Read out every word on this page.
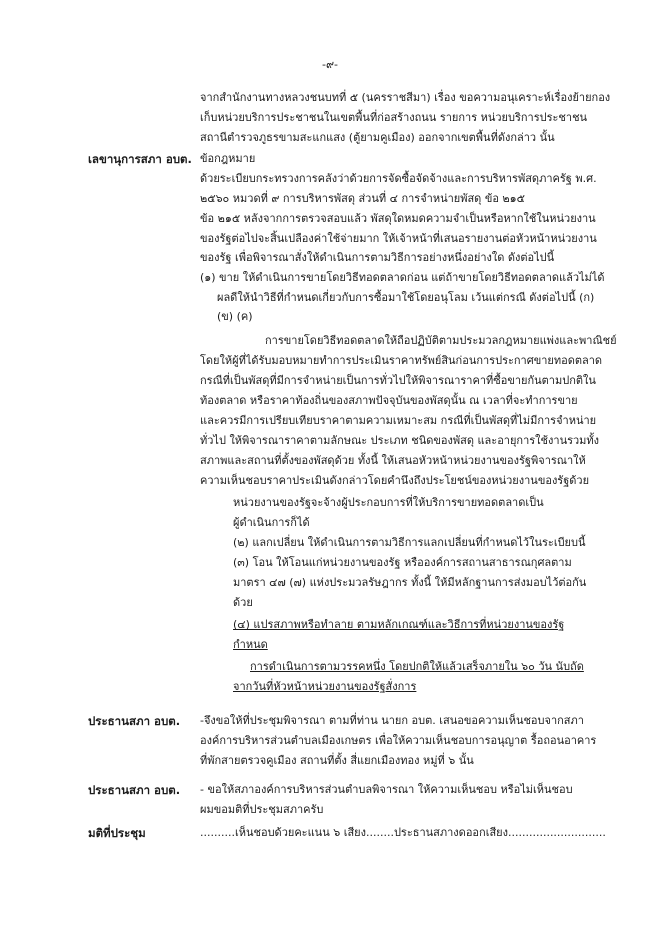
-๙-
จากสำนักงานทางหลวงชนบทที่ ๕ (นครราชสีมา) เรื่อง ขอความอนุเคราะห์เรื่องย้ายกอง
เก็บหน่วยบริการประชาชนในเขตพื้นที่ก่อสร้างถนน รายการ หน่วยบริการประชาชน
สถานีตำรวจภูธรขามสะแกแสง (ตู้ยามคูเมือง) ออกจากเขตพื้นที่ดังกล่าว นั้น
เลขานุการสภา อบต. ข้อกฎหมาย
ด้วยระเบียบกระทรวงการคลังว่าด้วยการจัดซื้อจัดจ้างและการบริหารพัสดุภาครัฐ พ.ศ.
๒๕๖๐ หมวดที่ ๙ การบริหารพัสดุ ส่วนที่ ๔ การจำหน่ายพัสดุ ข้อ ๒๑๕
ข้อ ๒๑๕ หลังจากการตรวจสอบแล้ว พัสดุใดหมดความจำเป็นหรือหากใช้ในหน่วยงาน
ของรัฐต่อไปจะสิ้นเปลืองค่าใช้จ่ายมาก ให้เจ้าหน้าที่เสนอรายงานต่อหัวหน้าหน่วยงาน
ของรัฐ เพื่อพิจารณาสั่งให้ดำเนินการตามวิธีการอย่างหนึ่งอย่างใด ดังต่อไปนี้
(๑) ขาย ให้ดำเนินการขายโดยวิธีทอดตลาดก่อน แต่ถ้าขายโดยวิธีทอดตลาดแล้วไม่ได้
ผลดีให้นำวิธีที่กำหนดเกี่ยวกับการซื้อมาใช้โดยอนุโลม เว้นแต่กรณี ดังต่อไปนี้ (ก)
(ข) (ค)
การขายโดยวิธีทอดตลาดให้ถือปฏิบัติตามประมวลกฎหมายแพ่งและพาณิชย์
โดยให้ผู้ที่ได้รับมอบหมายทำการประเมินราคาทรัพย์สินก่อนการประกาศขายทอดตลาด
กรณีที่เป็นพัสดุที่มีการจำหน่ายเป็นการทั่วไปให้พิจารณาราคาที่ซื้อขายกันตามปกติใน
ท้องตลาด หรือราคาท้องถิ่นของสภาพปัจจุบันของพัสดุนั้น ณ เวลาที่จะทำการขาย
และควรมีการเปรียบเทียบราคาตามความเหมาะสม กรณีที่เป็นพัสดุที่ไม่มีการจำหน่าย
ทั่วไป ให้พิจารณาราคาตามลักษณะ ประเภท ชนิดของพัสดุ และอายุการใช้งานรวมทั้ง
สภาพและสถานที่ตั้งของพัสดุด้วย ทั้งนี้ ให้เสนอหัวหน้าหน่วยงานของรัฐพิจารณาให้
ความเห็นชอบราคาประเมินดังกล่าวโดยคำนึงถึงประโยชน์ของหน่วยงานของรัฐด้วย
หน่วยงานของรัฐจะจ้างผู้ประกอบการที่ให้บริการขายทอดตลาดเป็น
ผู้ดำเนินการก็ได้
(๒) แลกเปลี่ยน ให้ดำเนินการตามวิธีการแลกเปลี่ยนที่กำหนดไว้ในระเบียบนี้
(๓) โอน ให้โอนแก่หน่วยงานของรัฐ หรือองค์การสถานสาธารณกุศลตาม
มาตรา ๔๗ (๗) แห่งประมวลรัษฎากร ทั้งนี้ ให้มีหลักฐานการส่งมอบไว้ต่อกัน
ด้วย
(๔) แปรสภาพหรือทำลาย ตามหลักเกณฑ์และวิธีการที่หน่วยงานของรัฐ
กำหนด
การดำเนินการตามวรรคหนึ่ง โดยปกติให้แล้วเสร็จภายใน ๖๐ วัน นับถัด
จากวันที่หัวหน้าหน่วยงานของรัฐสั่งการ
ประธานสภา อบต. -จึงขอให้ที่ประชุมพิจารณา ตามที่ท่าน นายก อบต. เสนอขอความเห็นชอบจากสภา
องค์การบริหารส่วนตำบลเมืองเกษตร เพื่อให้ความเห็นชอบการอนุญาต รื้อถอนอาคาร
ที่พักสายตรวจคูเมือง สถานที่ตั้ง สี่แยกเมืองทอง หมู่ที่ ๖ นั้น
ประธานสภา อบต. - ขอให้สภาองค์การบริหารส่วนตำบลพิจารณา ให้ความเห็นชอบ หรือไม่เห็นชอบ
ผมขอมติที่ประชุมสภาครับ
มติที่ประชุม	..........เห็นชอบด้วยคะแนน ๖ เสียง........ประธานสภางดออกเสียง............................
